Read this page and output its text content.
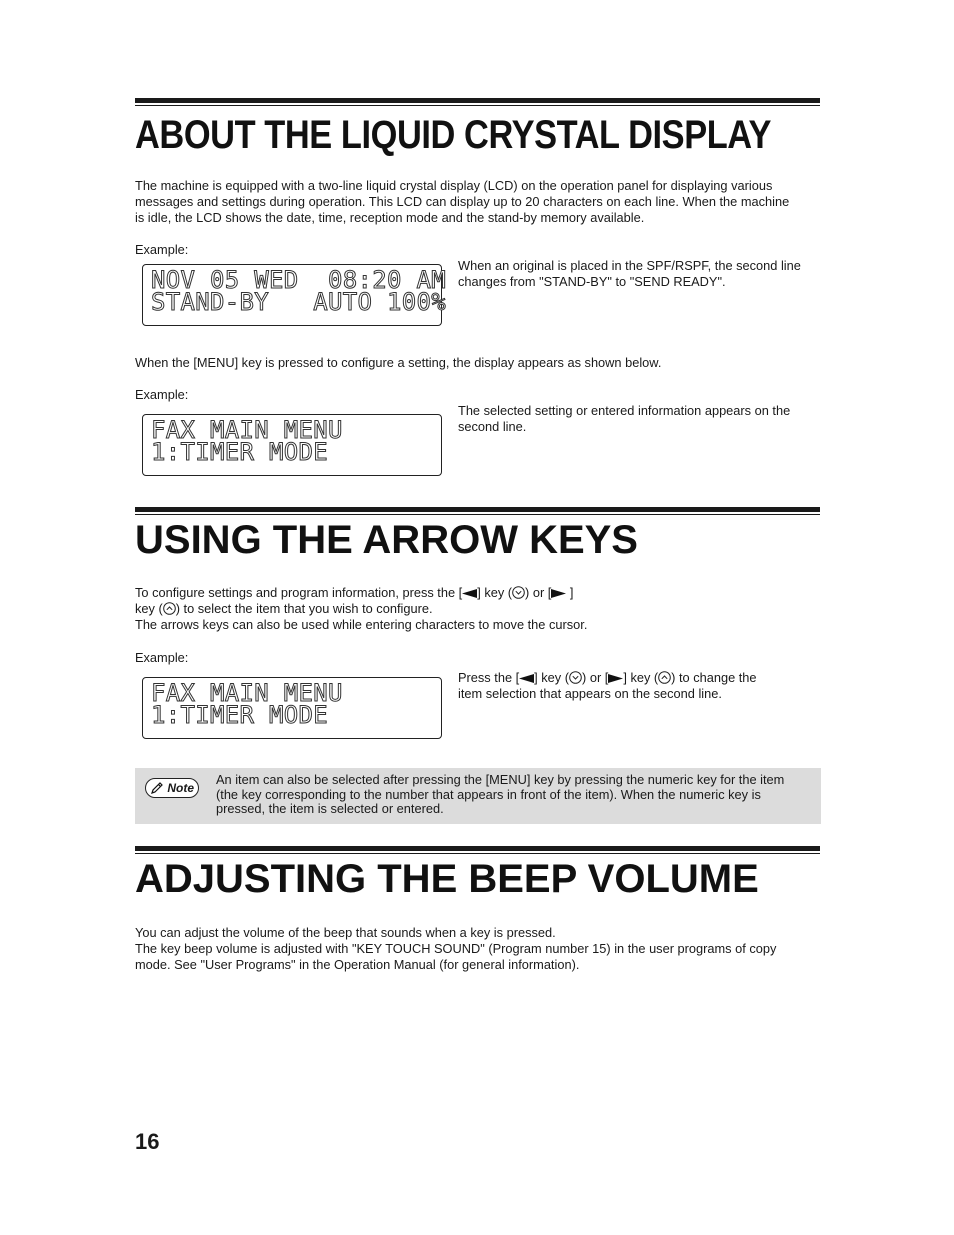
ABOUT THE LIQUID CRYSTAL DISPLAY

The machine is equipped with a two-line liquid crystal display (LCD) on the operation panel for displaying various
messages and settings during operation. This LCD can display up to 20 characters on each line. When the machine
is idle, the LCD shows the date, time, reception mode and the stand-by memory available.

Example:
NOV 05 WED  08:20 AM
STAND-BY   AUTO 100%

When an original is placed in the SPF/RSPF, the second line
changes from "STAND-BY" to "SEND READY".

When the [MENU] key is pressed to configure a setting, the display appears as shown below.

Example:
FAX MAIN MENU
1:TIMER MODE

The selected setting or entered information appears on the
second line.

USING THE ARROW KEYS

To configure settings and program information, press the [ ] key ( ) or [ ]
key ( ) to select the item that you wish to configure.
The arrows keys can also be used while entering characters to move the cursor.

Example:
FAX MAIN MENU
1:TIMER MODE

Press the [ ] key ( ) or [ ] key ( ) to change the
item selection that appears on the second line.

Note

An item can also be selected after pressing the [MENU] key by pressing the numeric key for the item
(the key corresponding to the number that appears in front of the item). When the numeric key is
pressed, the item is selected or entered.

ADJUSTING THE BEEP VOLUME

You can adjust the volume of the beep that sounds when a key is pressed.
The key beep volume is adjusted with "KEY TOUCH SOUND" (Program number 15) in the user programs of copy
mode. See "User Programs" in the Operation Manual (for general information).

16
